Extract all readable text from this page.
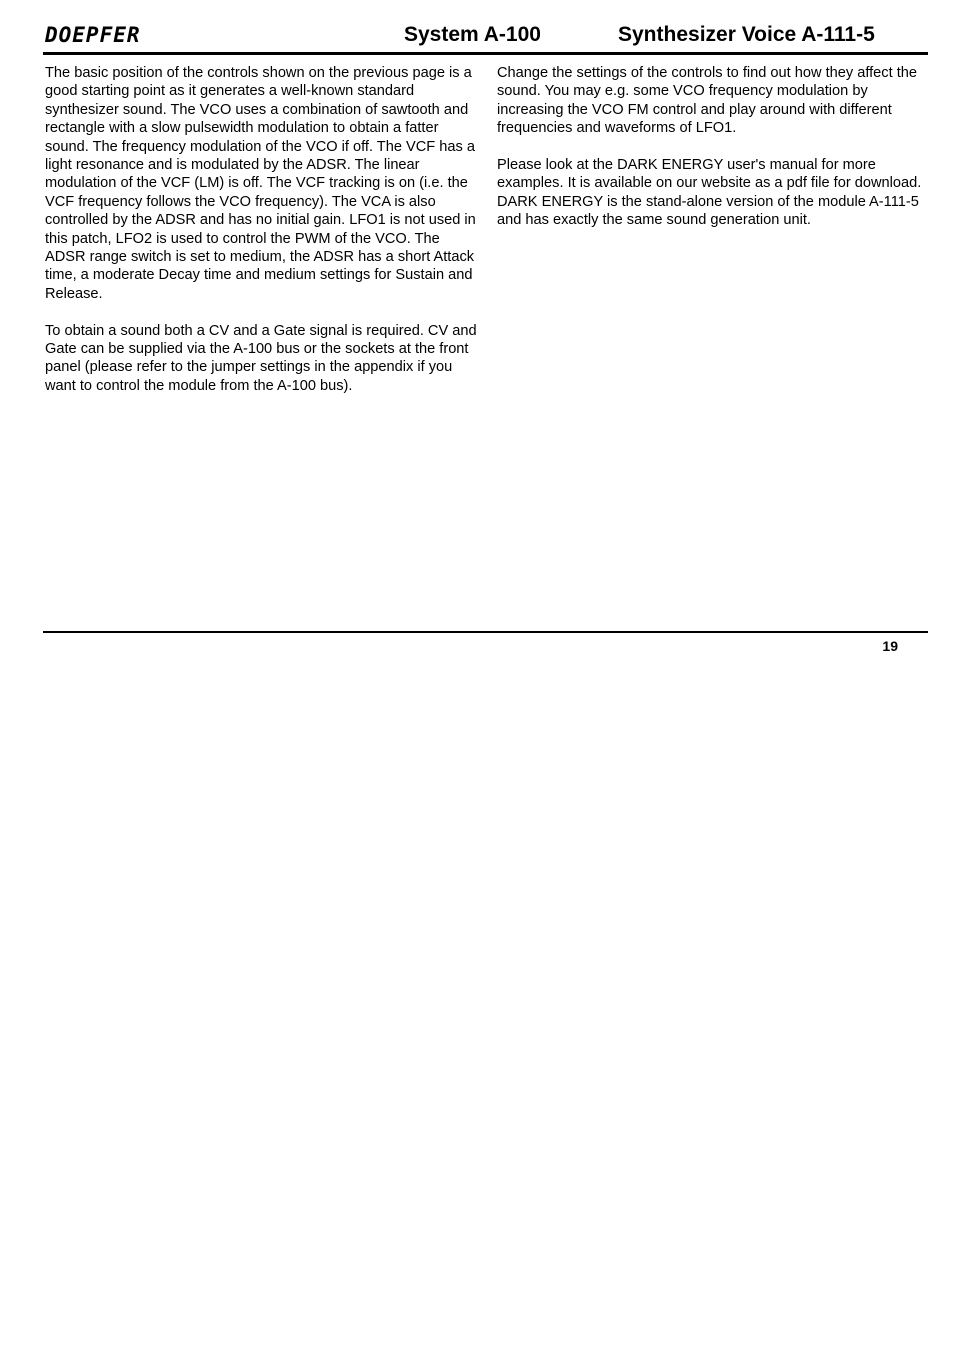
DOEPFER	System A-100	Synthesizer Voice A-111-5

The basic position of the controls shown on the previous page is a good starting point as it generates a well-known standard synthesizer sound. The VCO uses a combination of sawtooth and rectangle with a slow pulsewidth modulation to obtain a fatter sound. The frequency modulation of the VCO if off. The VCF has a light resonance and is modulated by the ADSR. The linear modulation of the VCF (LM) is off. The VCF tracking is on (i.e. the VCF frequency follows the VCO frequency). The VCA is also controlled by the ADSR and has no initial gain. LFO1 is not used in this patch, LFO2 is used to control the PWM of the VCO. The ADSR range switch is set to medium, the ADSR has a short Attack time, a moderate Decay time and medium settings for Sustain and Release.

To obtain a sound both a CV and a Gate signal is required. CV and Gate can be supplied via the A-100 bus or the sockets at the front panel (please refer to the jumper settings in the appendix if you want to control the module from the A-100 bus).

Change the settings of the controls to find out how they affect the sound. You may e.g. some VCO frequency modulation by increasing the VCO FM control and play around with different frequencies and waveforms of LFO1.

Please look at the DARK ENERGY user's manual for more examples. It is available on our website as a pdf file for download. DARK ENERGY is the stand-alone version of the module A-111-5 and has exactly the same sound generation unit.

19
